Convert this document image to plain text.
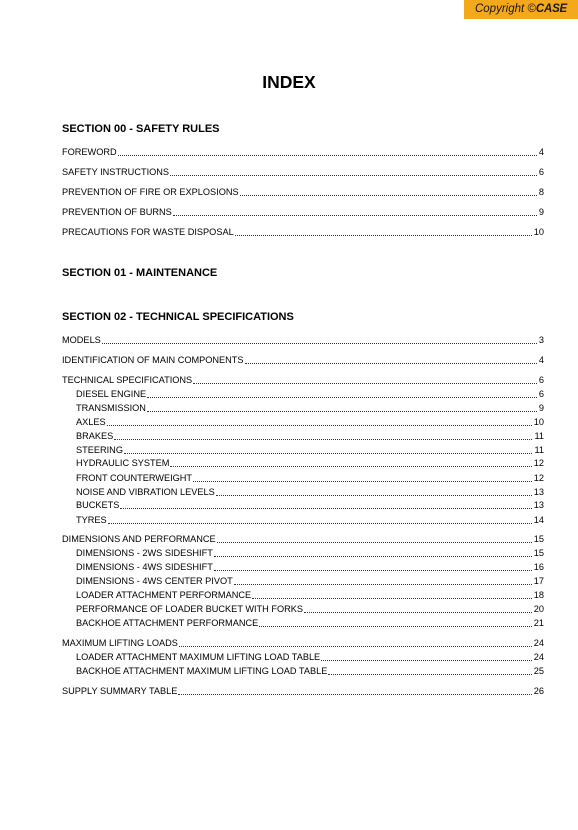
Copyright ©CASE
INDEX
SECTION 00 - SAFETY RULES
FOREWORD	4
SAFETY INSTRUCTIONS	6
PREVENTION OF FIRE OR EXPLOSIONS	8
PREVENTION OF BURNS	9
PRECAUTIONS FOR WASTE DISPOSAL	10
SECTION 01 - MAINTENANCE
SECTION 02 - TECHNICAL SPECIFICATIONS
MODELS	3
IDENTIFICATION OF MAIN COMPONENTS	4
TECHNICAL SPECIFICATIONS	6
DIESEL ENGINE	6
TRANSMISSION	9
AXLES	10
BRAKES	11
STEERING	11
HYDRAULIC SYSTEM	12
FRONT COUNTERWEIGHT	12
NOISE AND VIBRATION LEVELS	13
BUCKETS	13
TYRES	14
DIMENSIONS AND PERFORMANCE	15
DIMENSIONS - 2WS SIDESHIFT	15
DIMENSIONS - 4WS SIDESHIFT	16
DIMENSIONS - 4WS CENTER PIVOT	17
LOADER ATTACHMENT PERFORMANCE	18
PERFORMANCE OF LOADER BUCKET WITH FORKS	20
BACKHOE ATTACHMENT PERFORMANCE	21
MAXIMUM LIFTING LOADS	24
LOADER ATTACHMENT MAXIMUM LIFTING LOAD TABLE	24
BACKHOE ATTACHMENT MAXIMUM LIFTING LOAD TABLE	25
SUPPLY SUMMARY TABLE	26
